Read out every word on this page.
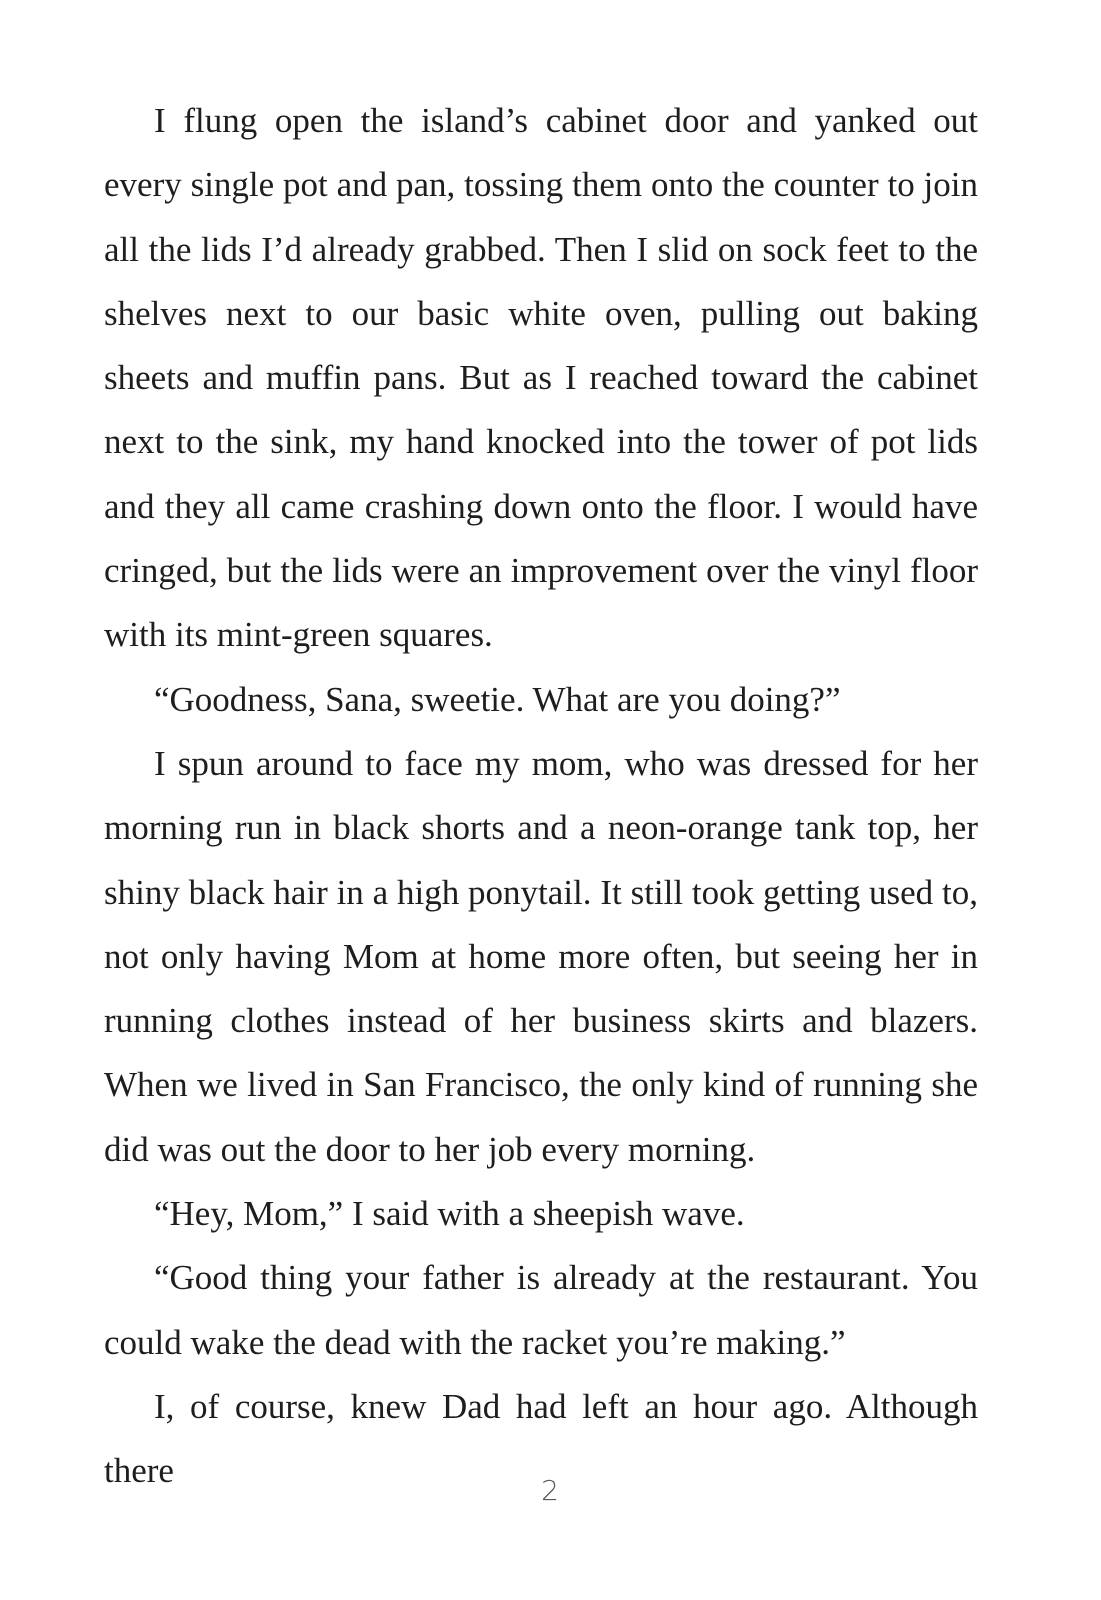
I flung open the island’s cabinet door and yanked out every single pot and pan, tossing them onto the counter to join all the lids I’d already grabbed. Then I slid on sock feet to the shelves next to our basic white oven, pulling out baking sheets and muffin pans. But as I reached toward the cabinet next to the sink, my hand knocked into the tower of pot lids and they all came crashing down onto the floor. I would have cringed, but the lids were an improvement over the vinyl floor with its mint-green squares.

“Goodness, Sana, sweetie. What are you doing?”

I spun around to face my mom, who was dressed for her morning run in black shorts and a neon-orange tank top, her shiny black hair in a high ponytail. It still took getting used to, not only having Mom at home more often, but seeing her in running clothes instead of her business skirts and blazers. When we lived in San Francisco, the only kind of running she did was out the door to her job every morning.

“Hey, Mom,” I said with a sheepish wave.

“Good thing your father is already at the restaurant. You could wake the dead with the racket you’re making.”

I, of course, knew Dad had left an hour ago. Although there

2
